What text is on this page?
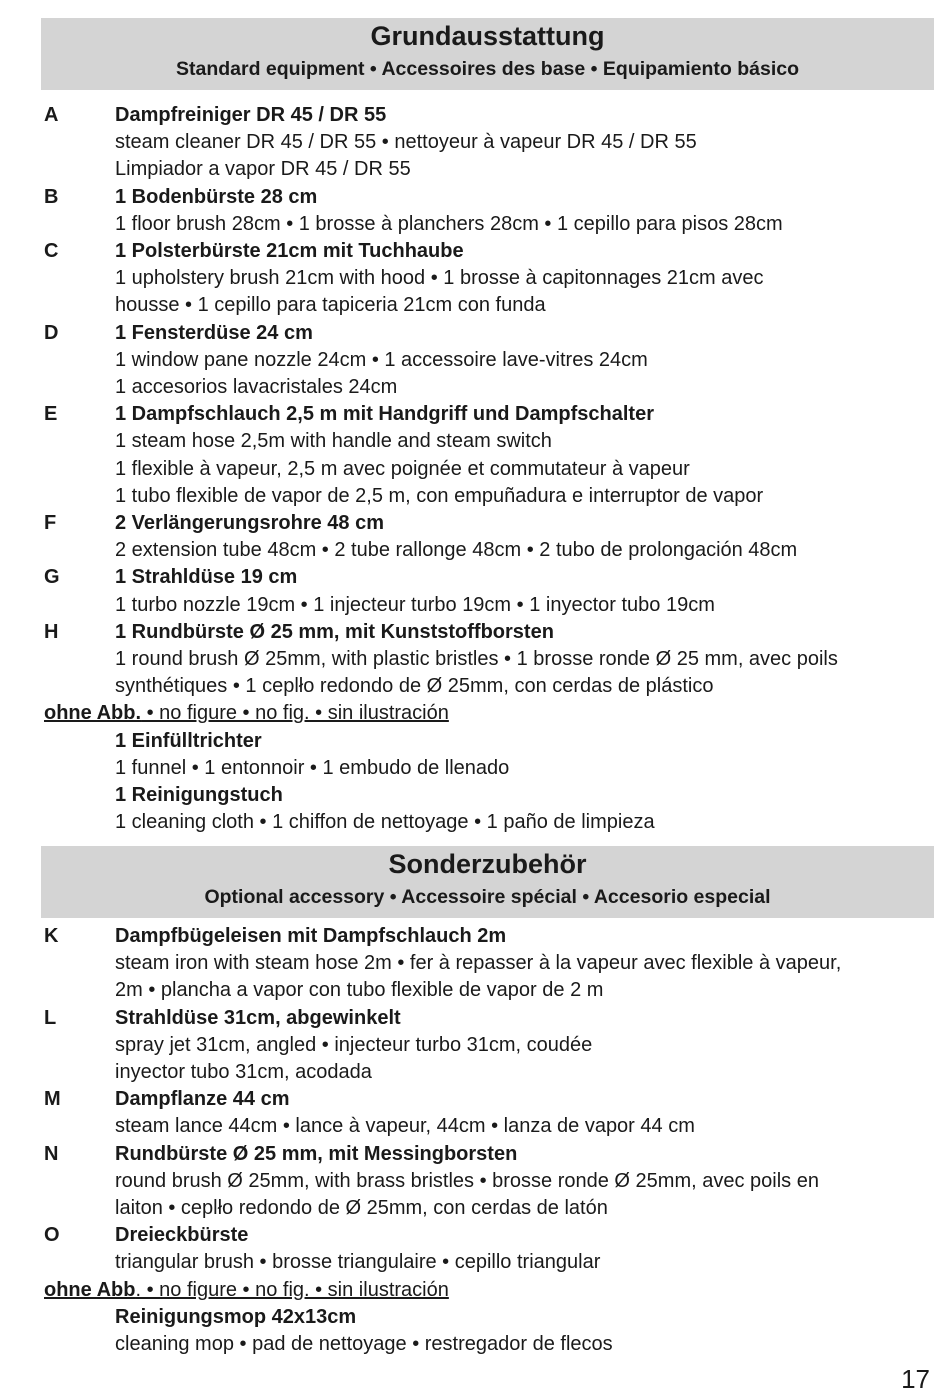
Grundausstattung
Standard equipment • Accessoires des base • Equipamiento básico
A	Dampfreiniger DR 45 / DR 55
steam cleaner DR 45 / DR 55 • nettoyeur à vapeur DR 45 / DR 55
Limpiador a vapor DR 45 / DR 55
B	1 Bodenbürste 28 cm
1 floor brush 28cm • 1 brosse à planchers 28cm • 1 cepillo para pisos 28cm
C	1 Polsterbürste 21cm mit Tuchhaube
1 upholstery brush 21cm with hood • 1 brosse à capitonnages 21cm avec
housse • 1 cepillo para tapiceria 21cm con funda
D	1 Fensterdüse 24 cm
1 window pane nozzle 24cm • 1 accessoire lave-vitres 24cm
1 accesorios lavacristales 24cm
E	1 Dampfschlauch 2,5 m mit Handgriff und Dampfschalter
1 steam hose 2,5m with handle and steam switch
1 flexible à vapeur, 2,5 m avec poignée et commutateur à vapeur
1 tubo flexible de vapor de 2,5 m, con empuñadura e interruptor de vapor
F	2 Verlängerungsrohre 48 cm
2 extension tube 48cm • 2 tube rallonge 48cm • 2 tubo de prolongación 48cm
G	1 Strahldüse 19 cm
1 turbo nozzle 19cm • 1 injecteur turbo 19cm • 1 inyector tubo 19cm
H	1 Rundbürste Ø 25 mm, mit Kunststoffborsten
1 round brush Ø 25mm, with plastic bristles • 1 brosse ronde Ø 25 mm, avec poils
synthétiques • 1 ceplło redondo de Ø 25mm, con cerdas de plástico
ohne Abb. • no figure • no fig. • sin ilustración
1 Einfülltrichter
1 funnel • 1 entonnoir • 1 embudo de llenado
1 Reinigungstuch
1 cleaning cloth • 1 chiffon de nettoyage • 1 paño de limpieza
Sonderzubehör
Optional accessory • Accessoire spécial • Accesorio especial
K	Dampfbügeleisen mit Dampfschlauch 2m
steam iron with steam hose 2m • fer à repasser à la vapeur avec flexible à vapeur,
2m • plancha a vapor con tubo flexible de vapor de 2 m
L	Strahldüse 31cm, abgewinkelt
spray jet 31cm, angled • injecteur turbo 31cm, coudée
inyector tubo 31cm, acodada
M	Dampflanze 44 cm
steam lance 44cm • lance à vapeur, 44cm • lanza de vapor 44 cm
N	Rundbürste Ø 25 mm, mit Messingborsten
round brush Ø 25mm, with brass bristles • brosse ronde Ø 25mm, avec poils en
laiton • ceplło redondo de Ø 25mm, con cerdas de latón
O	Dreieckbürste
triangular brush • brosse triangulaire • cepillo triangular
ohne Abb. • no figure • no fig. • sin ilustración
Reinigungsmop 42x13cm
cleaning mop • pad de nettoyage • restregador de flecos
17
